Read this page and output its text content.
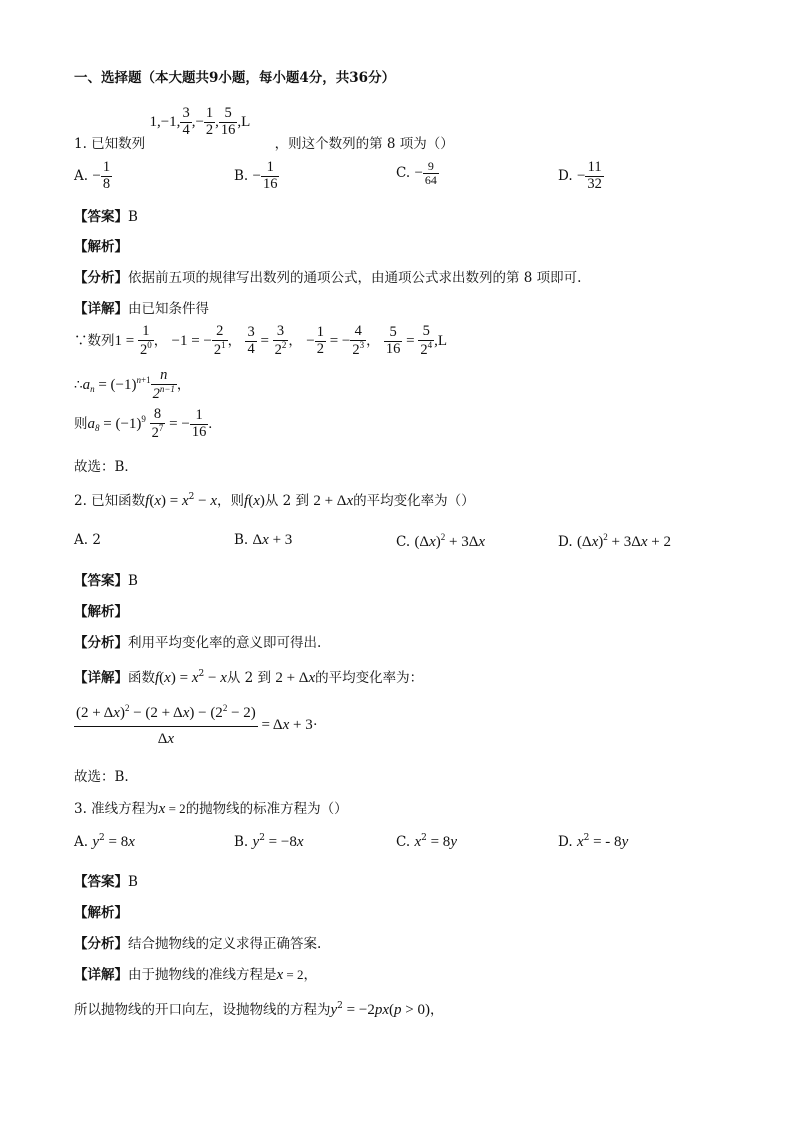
一、选择题（本大题共9小题，每小题4分，共36分）
1. 已知数列 1,−1, $\frac{3}{4}$ ,− $\frac{1}{2}$ , $\frac{5}{16} ,L$ ，则这个数列的第 8 项为（）
A. − $\frac{1}{8}$	B. − $\frac{1}{16}$	C. − $\frac{9}{64}$	D. − $\frac{11}{32}$
【答案】B
【解析】
【分析】依据前五项的规律写出数列的通项公式，由通项公式求出数列的第 8 项即可.
【详解】由已知条件得
∵数列$1 = \frac{1}{2^0}$ ， −1 = − $\frac{2}{2^1}$ ， $\frac{3}{4} = \frac{3}{2^2}$ ， − $\frac{1}{2}$ = − $\frac{4}{2^3}$ ， $\frac{5}{16} = \frac{5}{2^4} ,L$
$\therefore a_n = (-1)^{n+1} \frac{n}{2^{n-1}}$ ，
则$a_8 = (-1)^9 \frac{8}{2^7}$ = − $\frac{1}{16}$ .
故选：B．
2. 已知函数$f(x) = x^2 - x$，则f(x)从 2 到 2 + Δx的平均变化率为（）
A. 2	B. Δx + 3	C. $(\Delta x)^2 + 3\Delta x$	D. $(\Delta x)^2 + 3\Delta x + 2$
【答案】B
【解析】
【分析】利用平均变化率的意义即可得出.
【详解】函数$f(x) = x^2 - x$从 2 到 2 + Δx的平均变化率为：
$\frac{(2 + \Delta x)^2 - (2 + \Delta x) - (2^2 - 2)}{\Delta x} = \Delta x + 3\cdot$
故选：B.
3. 准线方程为x = 2的抛物线的标准方程为（）
A. $y^2 = 8x$	B. $y^2 = -8x$	C. $x^2 = 8y$	D. $x^2$ = - 8y
【答案】B
【解析】
【分析】结合抛物线的定义求得正确答案.
【详解】由于抛物线的准线方程是x = 2，
所以抛物线的开口向左，设抛物线的方程为$y^2 = -2px(p > 0)$，
